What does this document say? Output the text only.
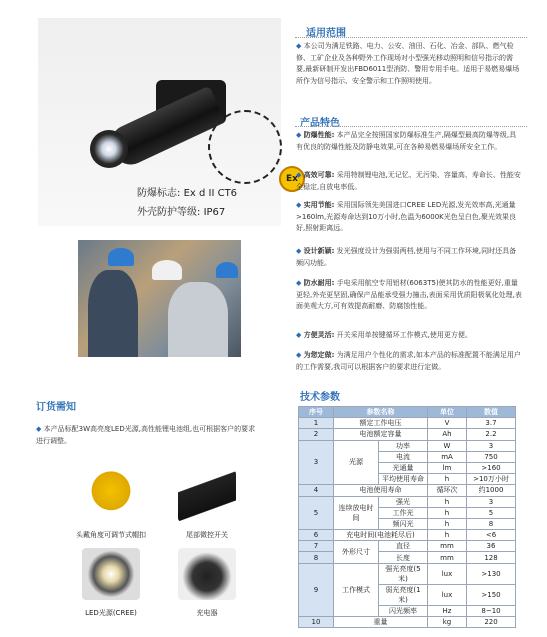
Ex
防爆标志: Ex d II CT6
外壳防护等级: IP67
适用范围
◆ 本公司为满足铁路、电力、公安、油田、石化、冶金、部队、燃气检修、工矿企业及各种野外工作现场对小型强光移动照明和信号指示的需要,最新研制开发出FBD6011型消防、警用专用手电。适用于易燃易爆场所作为信号指示、安全警示和工作照明使用。
产品特色
◆ 防爆性能: 本产品完全按照国家防爆标准生产,隔爆型最高防爆等级,具有优良的防爆性能及防静电效果,可在各种易燃易爆场所安全工作。
◆ 高效可靠: 采用特制锂电池,无记忆、无污染、容量高、寿命长、性能安全稳定,自放电率低。
◆ 实用节能: 采用国际领先美国进口CREE LED光源,发光效率高,光通量>160lm,光源寿命达到10万小时,色温为6000K光色呈白色,聚光效果良好,照射距离远。
◆ 设计新颖: 发光强度设计为强弱两档,使用与不同工作环境,同时还具备频闪功能。
◆ 防水耐用: 手电采用航空专用铝材(6063T5)使其防水的性能更好,重量更轻,外壳更坚固,确保产品能承受强力撞击,表面采用优质阳极氧化处理,表面美观大方,可有效提高耐磨、防腐蚀性能。
◆ 方便灵活: 开关采用单按键循环工作模式,使用更方便。
◆ 为您定做: 为满足用户个性化的需求,如本产品的标准配置不能满足用户的工作需要,我司可以根据客户的要求进行定做。
技术参数
序号	参数名称		单位	数值
1	额定工作电压		V	3.7
2	电池额定容量		Ah	2.2
3	光源	功率	W	3
		电流	mA	750
		光通量	lm	>160
		平均使用寿命	h	>10万小时
4	电池使用寿命		循环次	约1000
5	连续放电时间	强光	h	3
		工作光	h	5
		频闪光	h	8
6	充电时间(电池耗尽后)		h	<6
7	外形尺寸	直径	mm	36
8		长度	mm	128
9	工作模式	强光亮度(5米)	lux	>130
		弱光亮度(1米)	lux	>150
		闪光频率	Hz	8~10
10	重量		kg	220
订货需知
◆ 本产品标配3W高亮度LED光源,高性能锂电池组,也可根据客户的要求进行调整。
头戴角度可调节式帽扣	尾部微控开关
LED光源(CREE)	充电器
